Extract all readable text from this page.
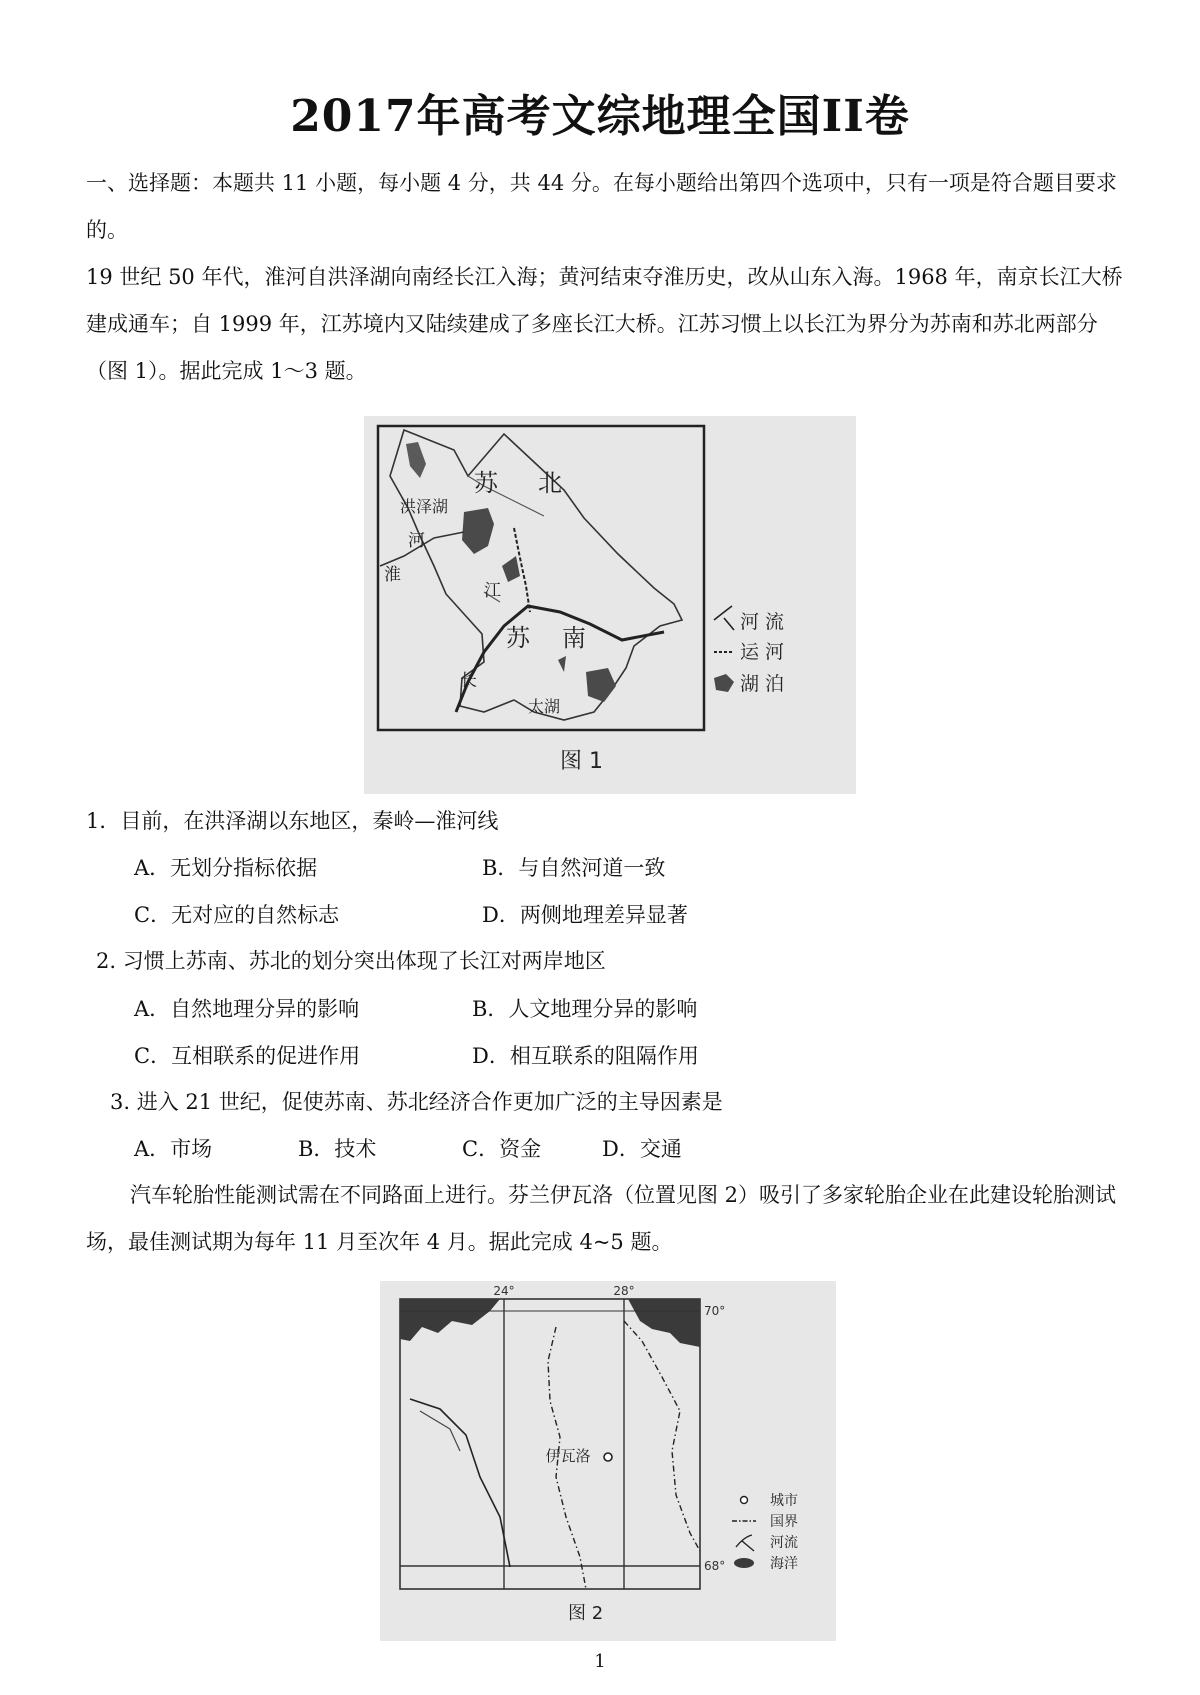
2017年高考文综地理全国II卷

一、选择题：本题共 11 小题，每小题 4 分，共 44 分。在每小题给出第四个选项中，只有一项是符合题目要求的。

19 世纪 50 年代，淮河自洪泽湖向南经长江入海；黄河结束夺淮历史，改从山东入海。1968 年，南京长江大桥建成通车；自 1999 年，江苏境内又陆续建成了多座长江大桥。江苏习惯上以长江为界分为苏南和苏北两部分（图 1）。据此完成 1～3 题。

苏 北
苏 南
洪泽湖
河
淮
江
长
太湖
河 流
运 河
湖 泊
图 1
1．目前，在洪泽湖以东地区，秦岭—淮河线
A．无划分指标依据	B．与自然河道一致
C．无对应的自然标志	D．两侧地理差异显著
2. 习惯上苏南、苏北的划分突出体现了长江对两岸地区
A．自然地理分异的影响	B．人文地理分异的影响
C．互相联系的促进作用	D．相互联系的阻隔作用
3. 进入 21 世纪，促使苏南、苏北经济合作更加广泛的主导因素是
A．市场	B．技术	C．资金	D．交通

汽车轮胎性能测试需在不同路面上进行。芬兰伊瓦洛（位置见图 2）吸引了多家轮胎企业在此建设轮胎测试场，最佳测试期为每年 11 月至次年 4 月。据此完成 4~5 题。

伊瓦洛
24°	28°
70°
68°
城市
国界
河流
海洋
图 2
1
